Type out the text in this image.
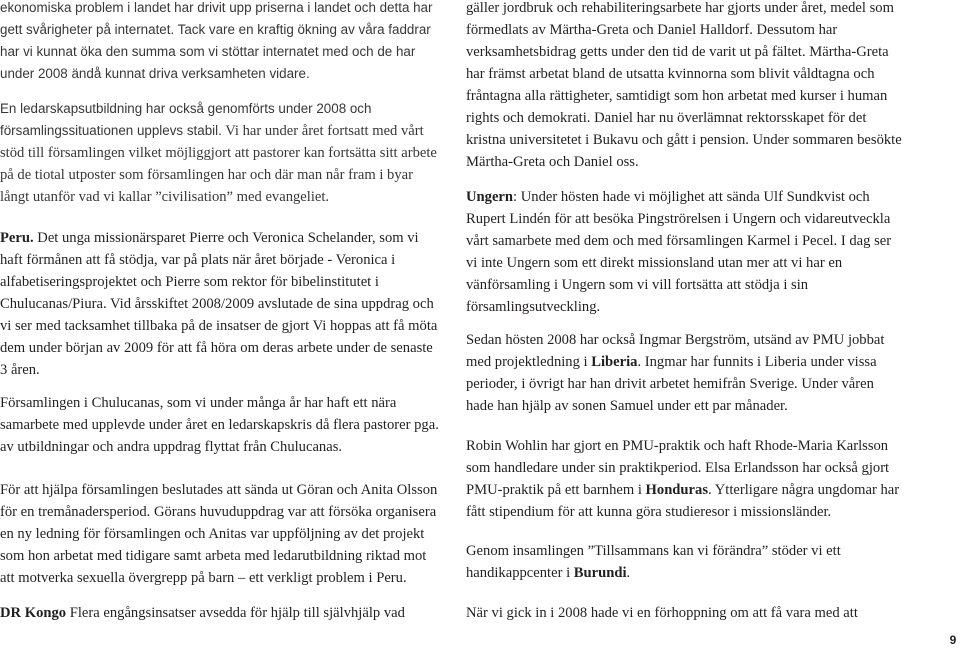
ekonomiska problem i landet har drivit upp priserna i landet och detta har gett svårigheter på internatet. Tack vare en kraftig ökning av våra faddrar har vi kunnat öka den summa som vi stöttar internatet med och de har under 2008 ändå kunnat driva verksamheten vidare.

En ledarskapsutbildning har också genomförts under 2008 och församlingssituationen upplevs stabil. Vi har under året fortsatt med vårt stöd till församlingen vilket möjliggjort att pastorer kan fortsätta sitt arbete på de tiotal utposter som församlingen har och där man når fram i byar långt utanför vad vi kallar ”civilisation” med evangeliet.

Peru. Det unga missionärsparet Pierre och Veronica Schelander, som vi haft förmånen att få stödja, var på plats när året började - Veronica i alfabetiseringsprojektet och Pierre som rektor för bibelinstitutet i Chulucanas/Piura. Vid årsskiftet 2008/2009 avslutade de sina uppdrag och vi ser med tacksamhet tillbaka på de insatser de gjort Vi hoppas att få möta dem under början av 2009 för att få höra om deras arbete under de senaste 3 åren.

Församlingen i Chulucanas, som vi under många år har haft ett nära samarbete med upplevde under året en ledarskapskris då flera pastorer pga. av utbildningar och andra uppdrag flyttat från Chulucanas.

För att hjälpa församlingen beslutades att sända ut Göran och Anita Olsson för en tremånadersperiod. Görans huvuduppdrag var att försöka organisera en ny ledning för församlingen och Anitas var uppföljning av det projekt som hon arbetat med tidigare samt arbeta med ledarutbildning riktad mot att motverka sexuella övergrepp på barn – ett verkligt problem i Peru.

DR Kongo Flera engångsinsatser avsedda för hjälp till självhjälp vad

gäller jordbruk och rehabiliteringsarbete har gjorts under året, medel som förmedlats av Märtha-Greta och Daniel Halldorf. Dessutom har verksamhetsbidrag getts under den tid de varit ut på fältet. Märtha-Greta har främst arbetat bland de utsatta kvinnorna som blivit våldtagna och fråntagna alla rättigheter, samtidigt som hon arbetat med kurser i human rights och demokrati. Daniel har nu överlämnat rektorsskapet för det kristna universitetet i Bukavu och gått i pension. Under sommaren besökte Märtha-Greta och Daniel oss.

Ungern: Under hösten hade vi möjlighet att sända Ulf Sundkvist och Rupert Lindén för att besöka Pingströrelsen i Ungern och vidareutveckla vårt samarbete med dem och med församlingen Karmel i Pecel. I dag ser vi inte Ungern som ett direkt missionsland utan mer att vi har en vänförsamling i Ungern som vi vill fortsätta att stödja i sin församlingsutveckling.

Sedan hösten 2008 har också Ingmar Bergström, utsänd av PMU jobbat med projektledning i Liberia. Ingmar har funnits i Liberia under vissa perioder, i övrigt har han drivit arbetet hemifrån Sverige. Under våren hade han hjälp av sonen Samuel under ett par månader.

Robin Wohlin har gjort en PMU-praktik och haft Rhode-Maria Karlsson som handledare under sin praktikperiod. Elsa Erlandsson har också gjort PMU-praktik på ett barnhem i Honduras. Ytterligare några ungdomar har fått stipendium för att kunna göra studieresor i missionsländer.

Genom insamlingen ”Tillsammans kan vi förändra” stöder vi ett handikappcenter i Burundi.

När vi gick in i 2008 hade vi en förhoppning om att få vara med att

9
